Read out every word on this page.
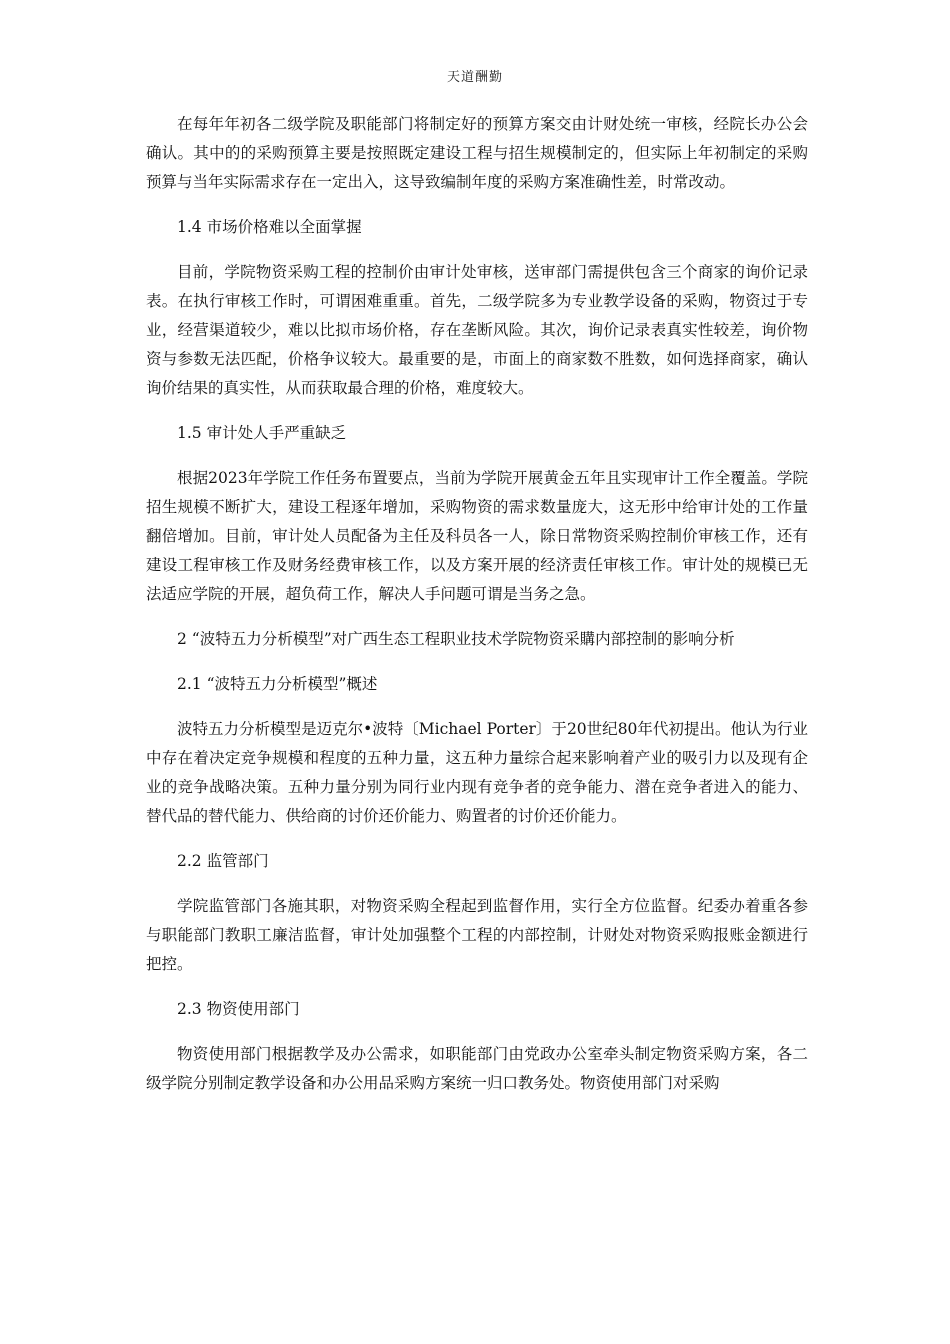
天道酬勤

在每年年初各二级学院及职能部门将制定好的预算方案交由计财处统一审核，经院长办公会确认。其中的的采购预算主要是按照既定建设工程与招生规模制定的，但实际上年初制定的采购预算与当年实际需求存在一定出入，这导致编制年度的采购方案准确性差，时常改动。

1.4 市场价格难以全面掌握

目前，学院物资采购工程的控制价由审计处审核，送审部门需提供包含三个商家的询价记录表。在执行审核工作时，可谓困难重重。首先，二级学院多为专业教学设备的采购，物资过于专业，经营渠道较少，难以比拟市场价格，存在垄断风险。其次，询价记录表真实性较差，询价物资与参数无法匹配，价格争议较大。最重要的是，市面上的商家数不胜数，如何选择商家，确认询价结果的真实性，从而获取最合理的价格，难度较大。

1.5 审计处人手严重缺乏

根据2023年学院工作任务布置要点，当前为学院开展黄金五年且实现审计工作全覆盖。学院招生规模不断扩大，建设工程逐年增加，采购物资的需求数量庞大，这无形中给审计处的工作量翻倍增加。目前，审计处人员配备为主任及科员各一人，除日常物资采购控制价审核工作，还有建设工程审核工作及财务经费审核工作，以及方案开展的经济责任审核工作。审计处的规模已无法适应学院的开展，超负荷工作，解决人手问题可谓是当务之急。

2 “波特五力分析模型”对广西生态工程职业技术学院物资采購内部控制的影响分析

2.1 “波特五力分析模型”概述

波特五力分析模型是迈克尔•波特〔Michael Porter〕于20世纪80年代初提出。他认为行业中存在着决定竞争规模和程度的五种力量，这五种力量综合起来影响着产业的吸引力以及现有企业的竞争战略决策。五种力量分别为同行业内现有竞争者的竞争能力、潜在竞争者进入的能力、替代品的替代能力、供给商的讨价还价能力、购置者的讨价还价能力。

2.2 监管部门

学院监管部门各施其职，对物资采购全程起到监督作用，实行全方位监督。纪委办着重各参与职能部门教职工廉洁监督，审计处加强整个工程的内部控制，计财处对物资采购报账金额进行把控。

2.3 物资使用部门

物资使用部门根据教学及办公需求，如职能部门由党政办公室牵头制定物资采购方案，各二级学院分别制定教学设备和办公用品采购方案统一归口教务处。物资使用部门对采购
